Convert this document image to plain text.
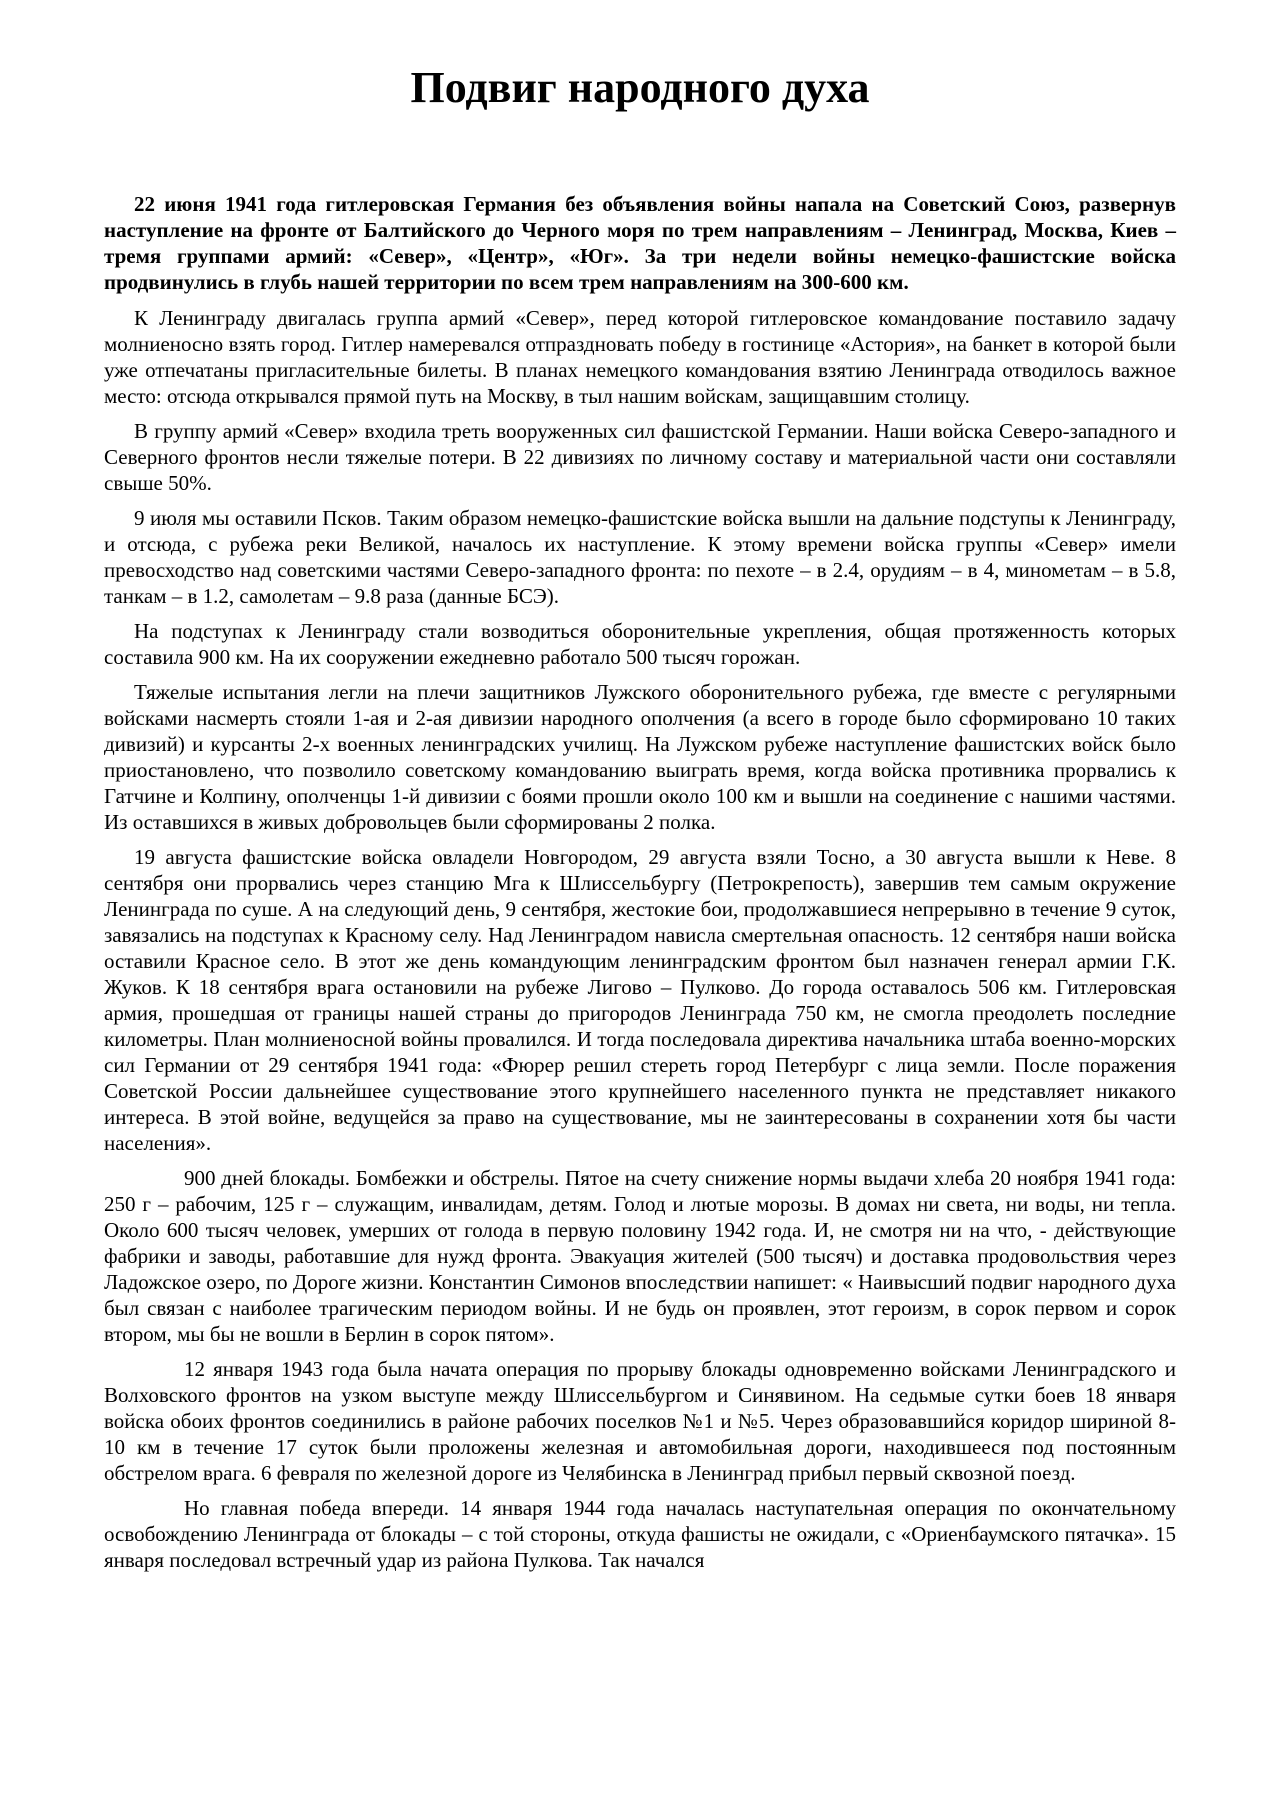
Подвиг народного духа

22 июня 1941 года гитлеровская Германия без объявления войны напала на Советский Союз, развернув наступление на фронте от Балтийского до Черного моря по трем направлениям – Ленинград, Москва, Киев – тремя группами армий: «Север», «Центр», «Юг». За три недели войны немецко-фашистские войска продвинулись в глубь нашей территории по всем трем направлениям на 300-600 км.

К Ленинграду двигалась группа армий «Север», перед которой гитлеровское командование поставило задачу молниеносно взять город. Гитлер намеревался отпраздновать победу в гостинице «Астория», на банкет в которой были уже отпечатаны пригласительные билеты. В планах немецкого командования взятию Ленинграда отводилось важное место: отсюда открывался прямой путь на Москву, в тыл нашим войскам, защищавшим столицу.

В группу армий «Север» входила треть вооруженных сил фашистской Германии. Наши войска Северо-западного и Северного фронтов несли тяжелые потери. В 22 дивизиях по личному составу и материальной части они составляли свыше 50%.

9 июля мы оставили Псков. Таким образом немецко-фашистские войска вышли на дальние подступы к Ленинграду, и отсюда, с рубежа реки Великой, началось их наступление. К этому времени войска группы «Север» имели превосходство над советскими частями Северо-западного фронта: по пехоте – в 2.4, орудиям – в 4, минометам – в 5.8, танкам – в 1.2, самолетам – 9.8 раза (данные БСЭ).

На подступах к Ленинграду стали возводиться оборонительные укрепления, общая протяженность которых составила 900 км. На их сооружении ежедневно работало 500 тысяч горожан.

Тяжелые испытания легли на плечи защитников Лужского оборонительного рубежа, где вместе с регулярными войсками насмерть стояли 1-ая и 2-ая дивизии народного ополчения (а всего в городе было сформировано 10 таких дивизий) и курсанты 2-х военных ленинградских училищ. На Лужском рубеже наступление фашистских войск было приостановлено, что позволило советскому командованию выиграть время, когда войска противника прорвались к Гатчине и Колпину, ополченцы 1-й дивизии с боями прошли около 100 км и вышли на соединение с нашими частями. Из оставшихся в живых добровольцев были сформированы 2 полка.

19 августа фашистские войска овладели Новгородом, 29 августа взяли Тосно, а 30 августа вышли к Неве. 8 сентября они прорвались через станцию Мга к Шлиссельбургу (Петрокрепость), завершив тем самым окружение Ленинграда по суше. А на следующий день, 9 сентября, жестокие бои, продолжавшиеся непрерывно в течение 9 суток, завязались на подступах к Красному селу. Над Ленинградом нависла смертельная опасность. 12 сентября наши войска оставили Красное село. В этот же день командующим ленинградским фронтом был назначен генерал армии Г.К. Жуков. К 18 сентября врага остановили на рубеже Лигово – Пулково. До города оставалось 506 км. Гитлеровская армия, прошедшая от границы нашей страны до пригородов Ленинграда 750 км, не смогла преодолеть последние километры. План молниеносной войны провалился. И тогда последовала директива начальника штаба военно-морских сил Германии от 29 сентября 1941 года: «Фюрер решил стереть город Петербург с лица земли. После поражения Советской России дальнейшее существование этого крупнейшего населенного пункта не представляет никакого интереса. В этой войне, ведущейся за право на существование, мы не заинтересованы в сохранении хотя бы части населения».

900 дней блокады. Бомбежки и обстрелы. Пятое на счету снижение нормы выдачи хлеба 20 ноября 1941 года: 250 г – рабочим, 125 г – служащим, инвалидам, детям. Голод и лютые морозы. В домах ни света, ни воды, ни тепла. Около 600 тысяч человек, умерших от голода в первую половину 1942 года. И, не смотря ни на что, - действующие фабрики и заводы, работавшие для нужд фронта. Эвакуация жителей (500 тысяч) и доставка продовольствия через Ладожское озеро, по Дороге жизни. Константин Симонов впоследствии напишет: « Наивысший подвиг народного духа был связан с наиболее трагическим периодом войны. И не будь он проявлен, этот героизм, в сорок первом и сорок втором, мы бы не вошли в Берлин в сорок пятом».

12 января 1943 года была начата операция по прорыву блокады одновременно войсками Ленинградского и Волховского фронтов на узком выступе между Шлиссельбургом и Синявином. На седьмые сутки боев 18 января войска обоих фронтов соединились в районе рабочих поселков №1 и №5. Через образовавшийся коридор шириной 8-10 км в течение 17 суток были проложены железная и автомобильная дороги, находившееся под постоянным обстрелом врага. 6 февраля по железной дороге из Челябинска в Ленинград прибыл первый сквозной поезд.

Но главная победа впереди. 14 января 1944 года началась наступательная операция по окончательному освобождению Ленинграда от блокады – с той стороны, откуда фашисты не ожидали, с «Ориенбаумского пятачка». 15 января последовал встречный удар из района Пулкова. Так начался
